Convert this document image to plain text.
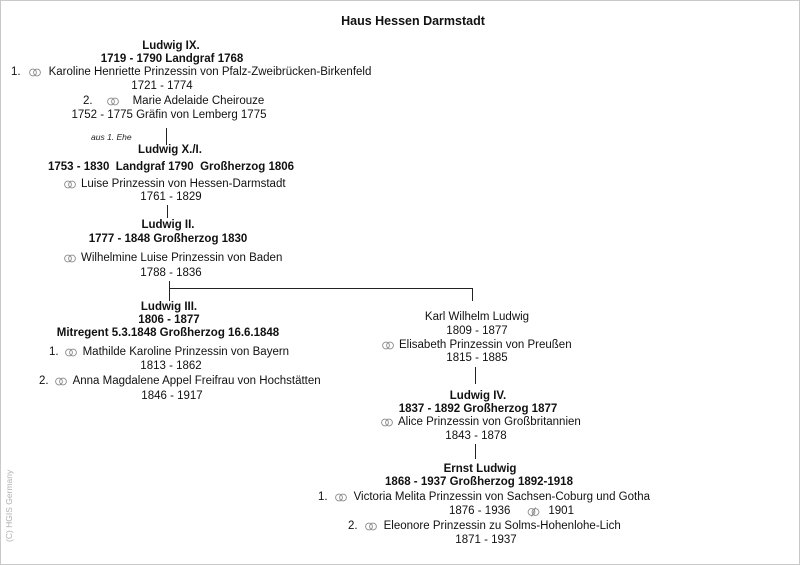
Haus Hessen Darmstadt
Ludwig IX.
1719 - 1790 Landgraf 1768
1. Karoline Henriette Prinzessin von Pfalz-Zweibrücken-Birkenfeld
1721 - 1774
2.	Marie Adelaide Cheirouze
1752 - 1775 Gräfin von Lemberg 1775
aus 1. Ehe
Ludwig X./I.
1753 - 1830  Landgraf 1790  Großherzog 1806
Luise Prinzessin von Hessen-Darmstadt
1761 - 1829
Ludwig II.
1777 - 1848 Großherzog 1830
Wilhelmine Luise Prinzessin von Baden
1788 - 1836
Ludwig III.
1806 - 1877
Mitregent 5.3.1848 Großherzog 16.6.1848
1. Mathilde Karoline Prinzessin von Bayern
1813 - 1862
2. Anna Magdalene Appel Freifrau von Hochstätten
1846 - 1917
Karl Wilhelm Ludwig
1809 - 1877
Elisabeth Prinzessin von Preußen
1815 - 1885
Ludwig IV.
1837 - 1892 Großherzog 1877
Alice Prinzessin von Großbritannien
1843 - 1878
Ernst Ludwig
1868 - 1937 Großherzog 1892-1918
1. Victoria Melita Prinzessin von Sachsen-Coburg und Gotha
1876 - 1936	1901
2. Eleonore Prinzessin zu Solms-Hohenlohe-Lich
1871 - 1937
(C) HGIS Germany
